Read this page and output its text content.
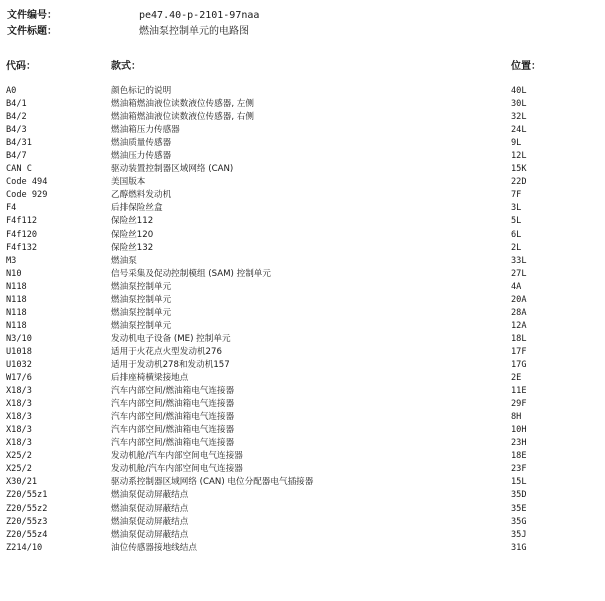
文件编号：	pe47.40-p-2101-97naa
文件标题：	燃油泵控制单元的电路图
代码：	款式：	位置：
A0	颜色标记的说明	40L
B4/1	燃油箱燃油液位读数液位传感器, 左侧	30L
B4/2	燃油箱燃油液位读数液位传感器, 右侧	32L
B4/3	燃油箱压力传感器	24L
B4/31	燃油质量传感器	9L
B4/7	燃油压力传感器	12L
CAN C	驱动装置控制器区域网络 (CAN)	15K
Code 494	美国版本	22D
Code 929	乙醇燃料发动机	7F
F4	后排保险丝盒	3L
F4f112	保险丝112	5L
F4f120	保险丝120	6L
F4f132	保险丝132	2L
M3	燃油泵	33L
N10	信号采集及促动控制模组 (SAM) 控制单元	27L
N118	燃油泵控制单元	4A
N118	燃油泵控制单元	20A
N118	燃油泵控制单元	28A
N118	燃油泵控制单元	12A
N3/10	发动机电子设备 (ME) 控制单元	18L
U1018	适用于火花点火型发动机276	17F
U1032	适用于发动机278和发动机157	17G
W17/6	后排座椅横梁接地点	2E
X18/3	汽车内部空间/燃油箱电气连接器	11E
X18/3	汽车内部空间/燃油箱电气连接器	29F
X18/3	汽车内部空间/燃油箱电气连接器	8H
X18/3	汽车内部空间/燃油箱电气连接器	10H
X18/3	汽车内部空间/燃油箱电气连接器	23H
X25/2	发动机舱/汽车内部空间电气连接器	18E
X25/2	发动机舱/汽车内部空间电气连接器	23F
X30/21	驱动系控制器区域网络 (CAN) 电位分配器电气插接器	15L
Z20/55z1	燃油泵促动屏蔽结点	35D
Z20/55z2	燃油泵促动屏蔽结点	35E
Z20/55z3	燃油泵促动屏蔽结点	35G
Z20/55z4	燃油泵促动屏蔽结点	35J
Z214/10	油位传感器接地线结点	31G
